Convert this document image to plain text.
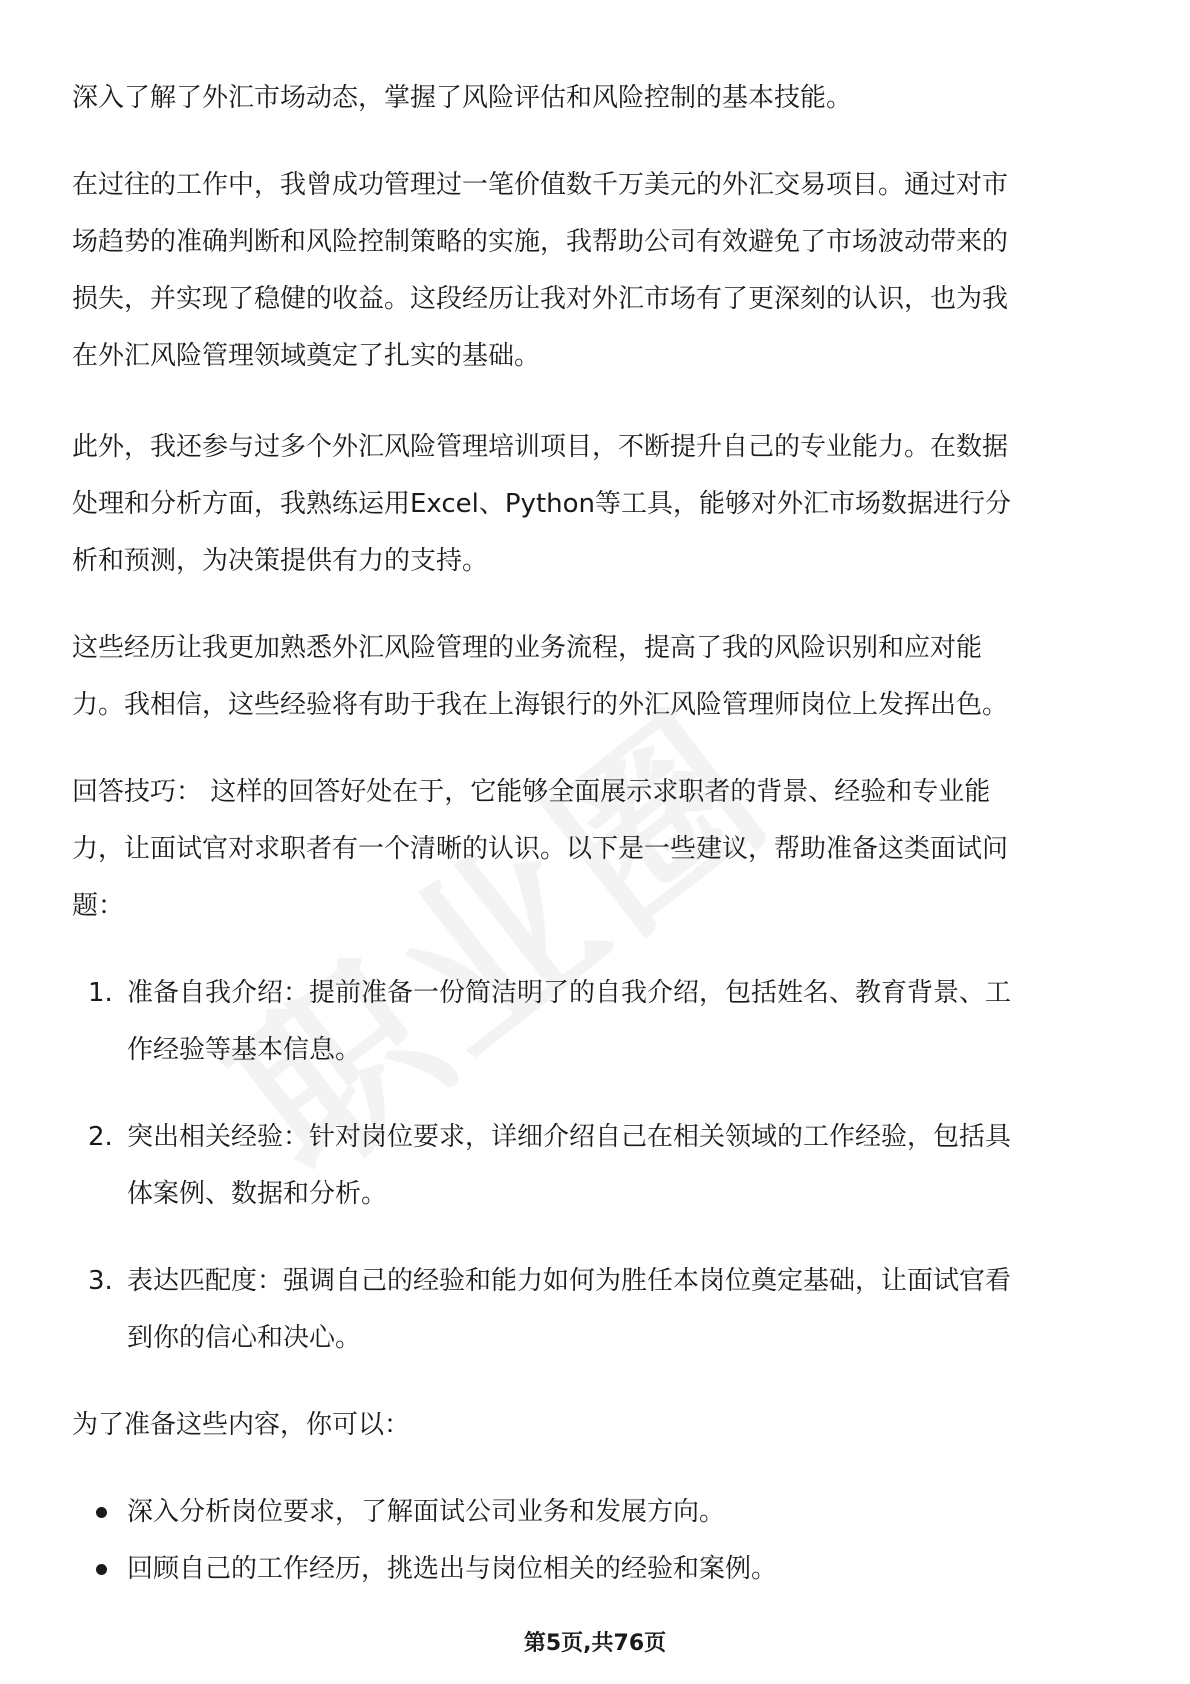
深入了解了外汇市场动态，掌握了风险评估和风险控制的基本技能。

在过往的工作中，我曾成功管理过一笔价值数千万美元的外汇交易项目。通过对市
场趋势的准确判断和风险控制策略的实施，我帮助公司有效避免了市场波动带来的
损失，并实现了稳健的收益。这段经历让我对外汇市场有了更深刻的认识，也为我
在外汇风险管理领域奠定了扎实的基础。

此外，我还参与过多个外汇风险管理培训项目，不断提升自己的专业能力。在数据
处理和分析方面，我熟练运用Excel、Python等工具，能够对外汇市场数据进行分
析和预测，为决策提供有力的支持。

这些经历让我更加熟悉外汇风险管理的业务流程，提高了我的风险识别和应对能
力。我相信，这些经验将有助于我在上海银行的外汇风险管理师岗位上发挥出色。

回答技巧： 这样的回答好处在于，它能够全面展示求职者的背景、经验和专业能
力，让面试官对求职者有一个清晰的认识。以下是一些建议，帮助准备这类面试问
题：

1. 准备自我介绍：提前准备一份简洁明了的自我介绍，包括姓名、教育背景、工
作经验等基本信息。
2. 突出相关经验：针对岗位要求，详细介绍自己在相关领域的工作经验，包括具
体案例、数据和分析。
3. 表达匹配度：强调自己的经验和能力如何为胜任本岗位奠定基础，让面试官看
到你的信心和决心。

为了准备这些内容，你可以：

深入分析岗位要求，了解面试公司业务和发展方向。
回顾自己的工作经历，挑选出与岗位相关的经验和案例。
第5页,共76页
